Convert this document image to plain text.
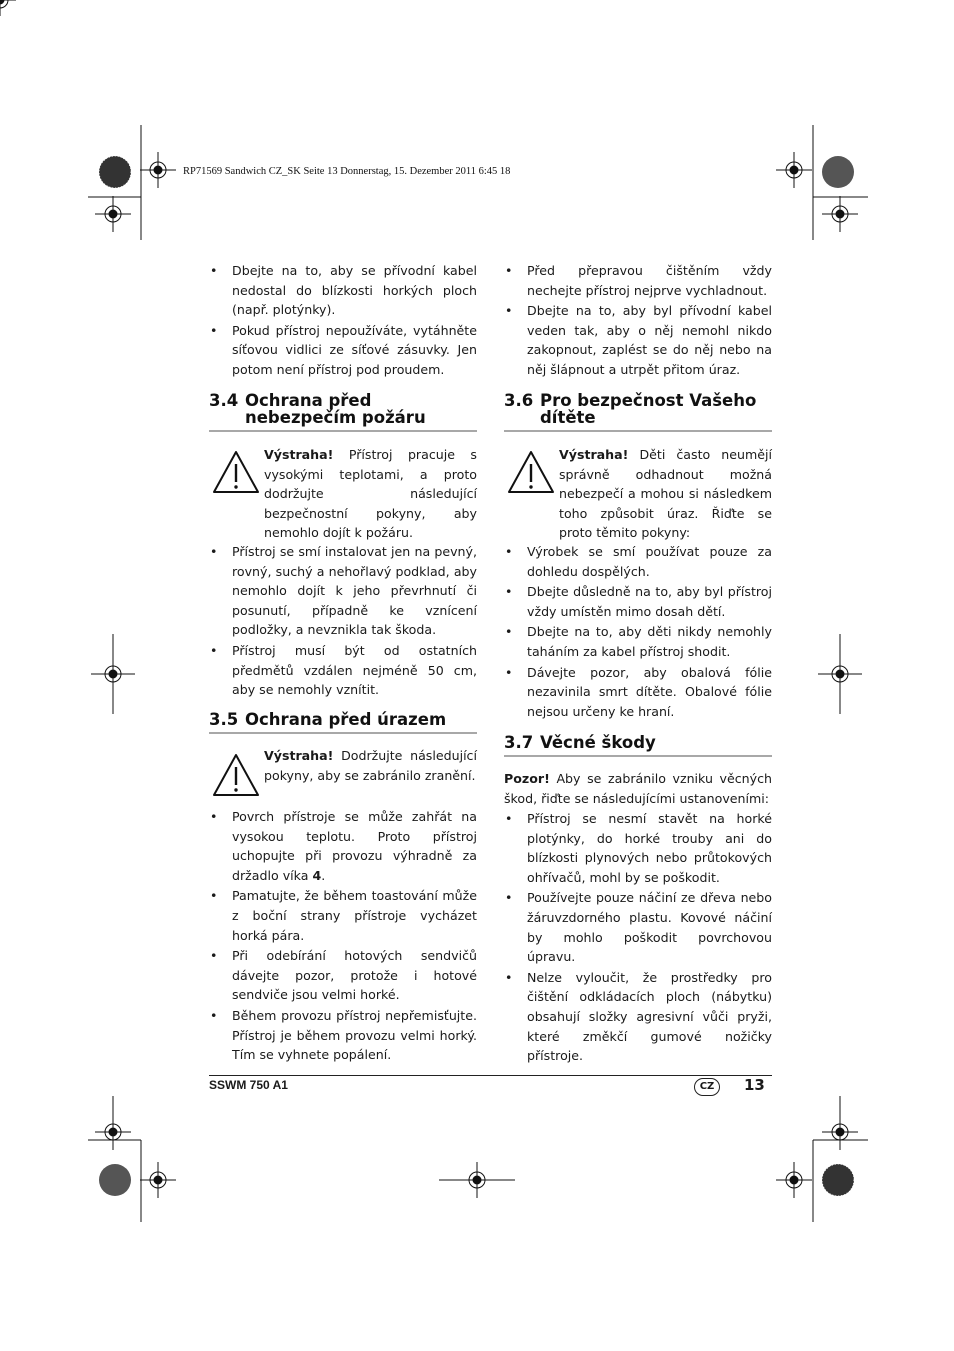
RP71569 Sandwich CZ_SK Seite 13 Donnerstag, 15. Dezember 2011 6:45 18
• Dbejte na to, aby se přívodní kabel nedostal do blízkosti horkých ploch (např. plotýnky).
• Pokud přístroj nepoužíváte, vytáhněte síťovou vidlici ze síťové zásuvky. Jen potom není přístroj pod proudem.
3.4 Ochrana před nebezpečím požáru
Výstraha! Přístroj pracuje s vysokými teplotami, a proto dodržujte následující bezpečnostní pokyny, aby nemohlo dojít k požáru.
• Přístroj se smí instalovat jen na pevný, rovný, suchý a nehořlavý podklad, aby nemohlo dojít k jeho převrhnutí či posunutí, případně ke vznícení podložky, a nevznikla tak škoda.
• Přístroj musí být od ostatních předmětů vzdálen nejméně 50 cm, aby se nemohly vznítit.
3.5 Ochrana před úrazem
Výstraha! Dodržujte následující pokyny, aby se zabránilo zranění.
• Povrch přístroje se může zahřát na vysokou teplotu. Proto přístroj uchopujte při provozu výhradně za držadlo víka 4.
• Pamatujte, že během toastování může z boční strany přístroje vycházet horká pára.
• Při odebírání hotových sendvičů dávejte pozor, protože i hotové sendviče jsou velmi horké.
• Během provozu přístroj nepřemisťujte. Přístroj je během provozu velmi horký. Tím se vyhnete popálení.
• Před přepravou čištěním vždy nechejte přístroj nejprve vychladnout.
• Dbejte na to, aby byl přívodní kabel veden tak, aby o něj nemohl nikdo zakopnout, zaplést se do něj nebo na něj šlápnout a utrpět přitom úraz.
3.6 Pro bezpečnost Vašeho dítěte
Výstraha! Děti často neumějí správně odhadnout možná nebezpečí a mohou si následkem toho způsobit úraz. Řiďte se proto těmito pokyny:
• Výrobek se smí používat pouze za dohledu dospělých.
• Dbejte důsledně na to, aby byl přístroj vždy umístěn mimo dosah dětí.
• Dbejte na to, aby děti nikdy nemohly taháním za kabel přístroj shodit.
• Dávejte pozor, aby obalová fólie nezavinila smrt dítěte. Obalové fólie nejsou určeny ke hraní.
3.7 Věcné škody
Pozor! Aby se zabránilo vzniku věcných škod, řiďte se následujícími ustanoveními:
• Přístroj se nesmí stavět na horké plotýnky, do horké trouby ani do blízkosti plynových nebo průtokových ohřívačů, mohl by se poškodit.
• Používejte pouze náčiní ze dřeva nebo žáruvzdorného plastu. Kovové náčiní by mohlo poškodit povrchovou úpravu.
• Nelze vyloučit, že prostředky pro čištění odkládacích ploch (nábytku) obsahují složky agresivní vůči pryži, které změkčí gumové nožičky přístroje.
SSWM 750 A1	CZ	13
